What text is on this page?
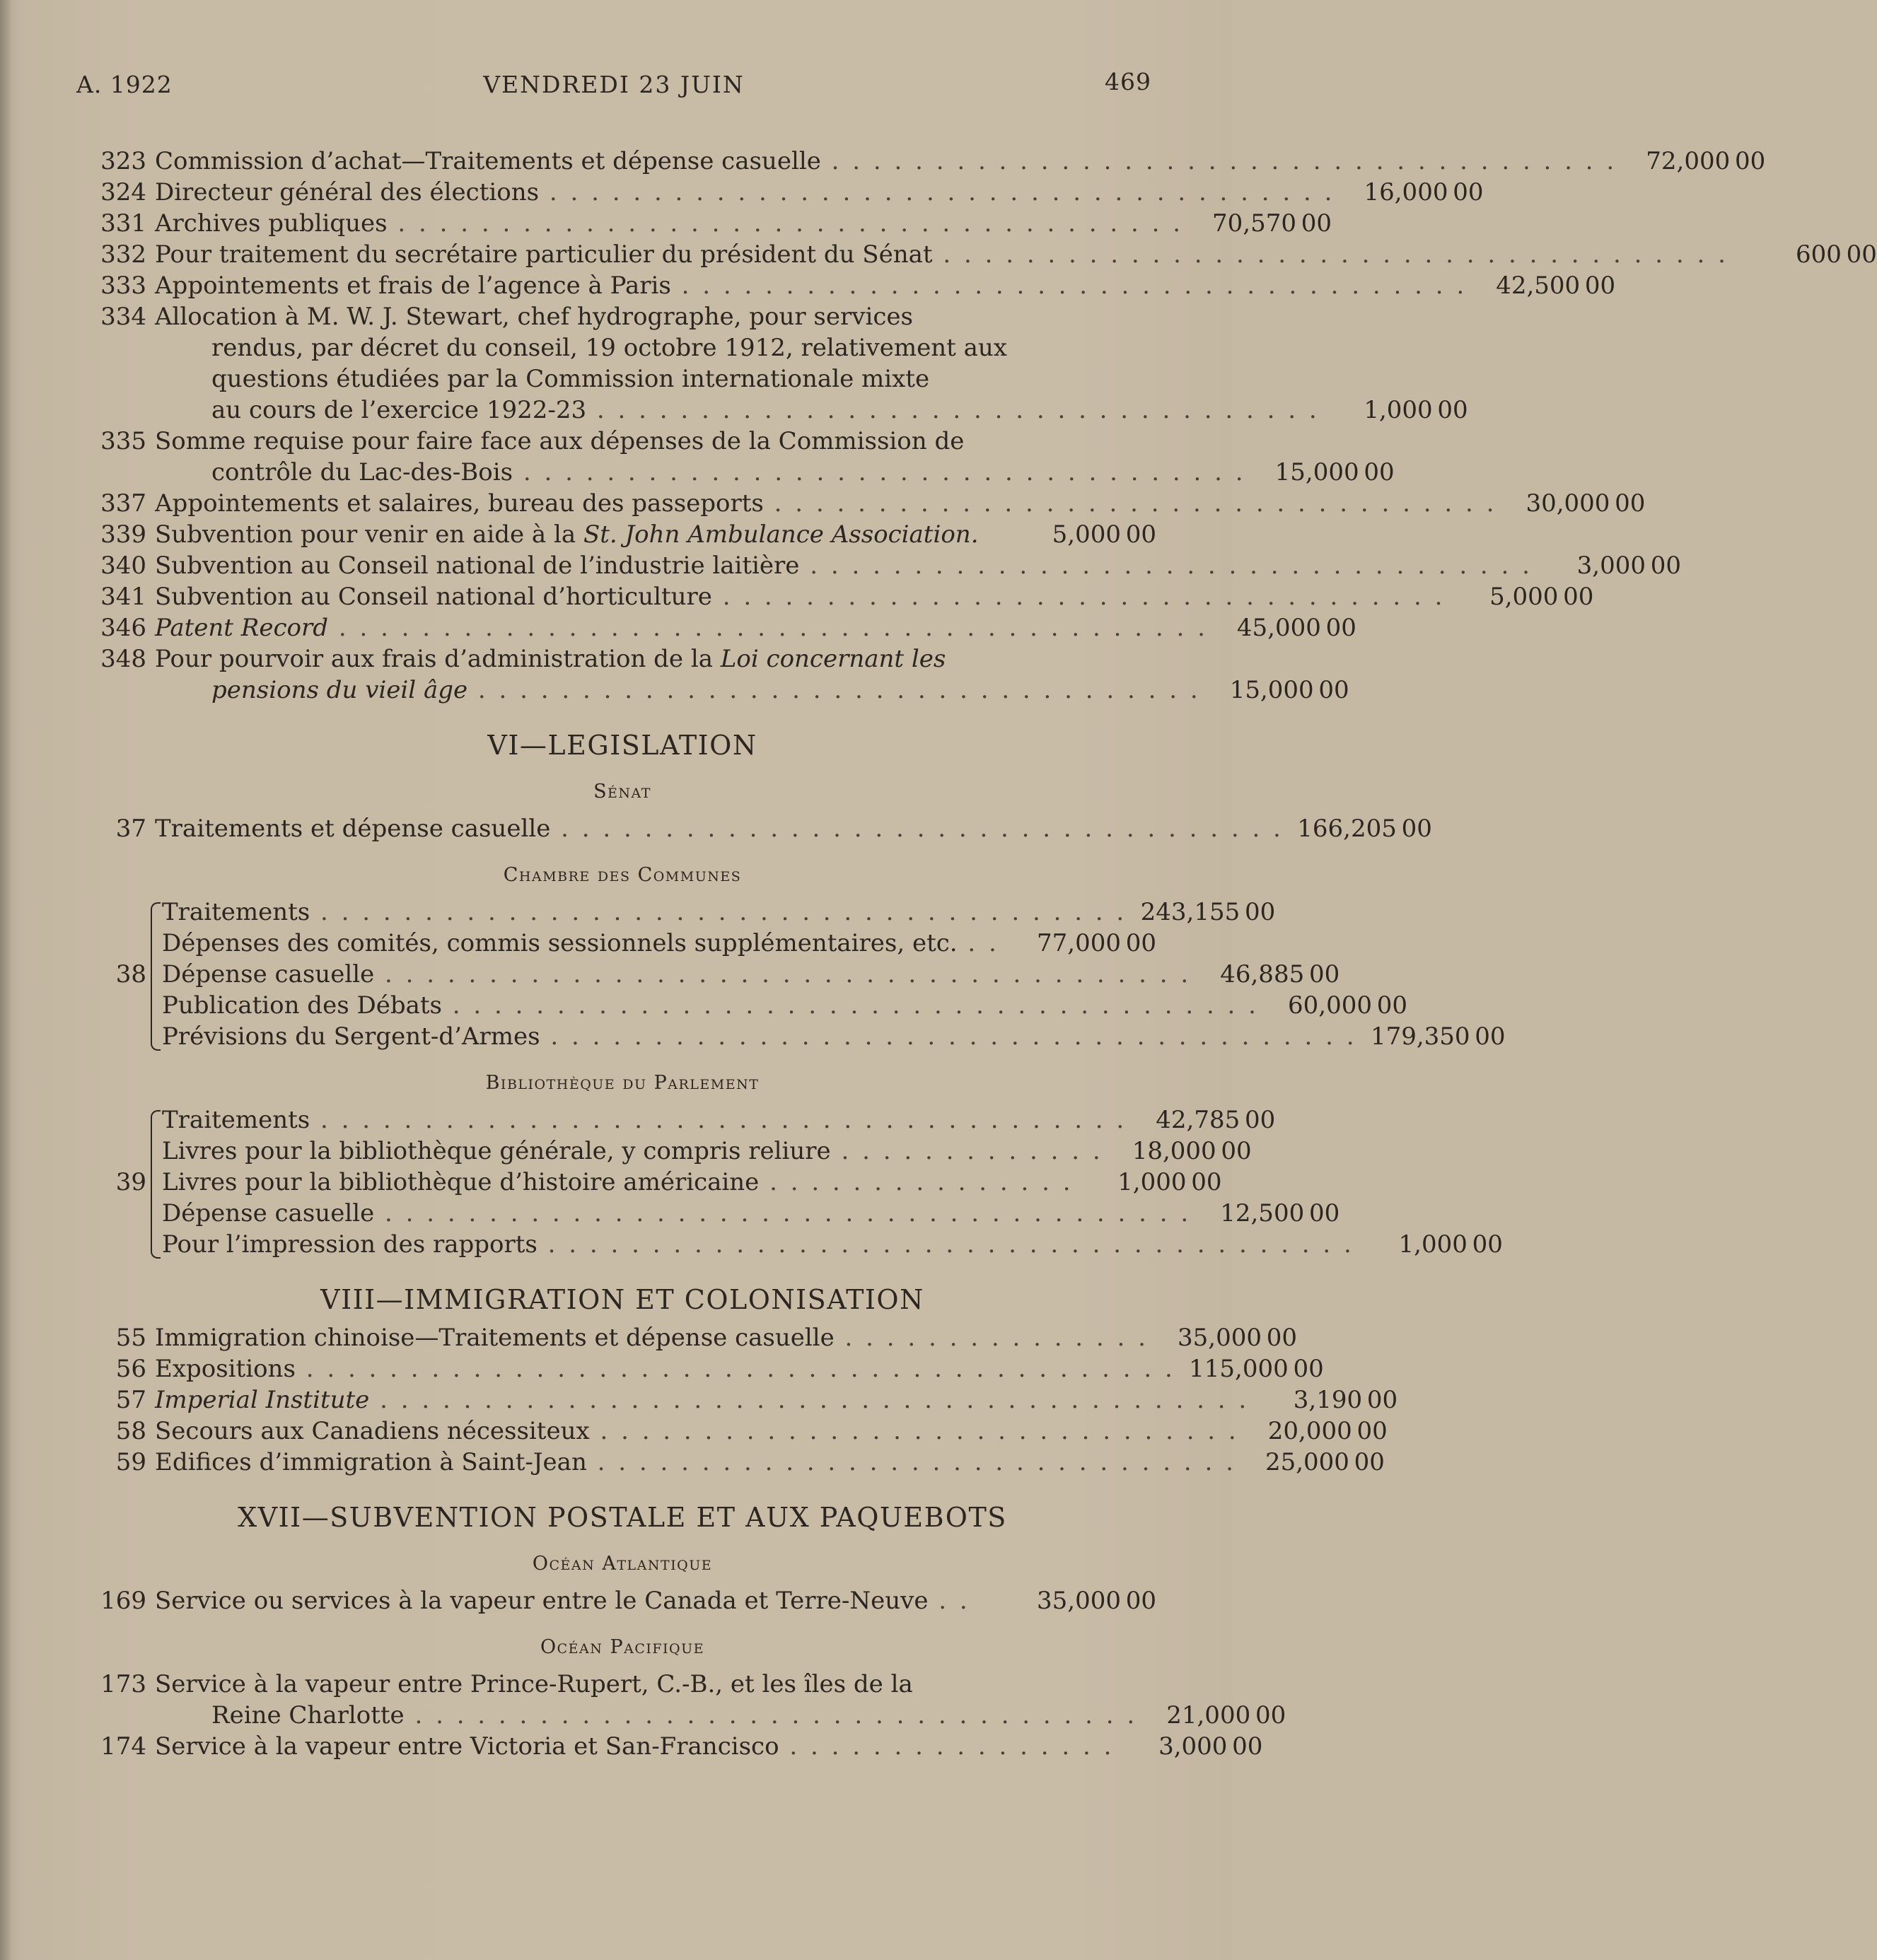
A. 1922	VENDREDI 23 JUIN	469
323 Commission d’achat—Traitements et dépense casuelle . . . . . . . . . . . . . . . . . . . . . . . . . . . . . . . . . . . . . .	72,000 00
324 Directeur général des élections . . . . . . . . . . . . . . . . . . . . . . . . . . . . . . . . . . . . . .	16,000 00
331 Archives publiques . . . . . . . . . . . . . . . . . . . . . . . . . . . . . . . . . . . . . .	70,570 00
332 Pour traitement du secrétaire particulier du président du Sénat . . . . . . . . . . . . . . . . . . . . . . . . . . . . . . . . . . . . . .	600 00
333 Appointements et frais de l’agence à Paris . . . . . . . . . . . . . . . . . . . . . . . . . . . . . . . . . . . . . .	42,500 00
334 Allocation à M. W. J. Stewart, chef hydrographe, pour services
rendus, par décret du conseil, 19 octobre 1912, relativement aux
questions étudiées par la Commission internationale mixte
au cours de l’exercice 1922-23 . . . . . . . . . . . . . . . . . . . . . . . . . . . . . . . . . . .	1,000 00
335 Somme requise pour faire face aux dépenses de la Commission de
contrôle du Lac-des-Bois . . . . . . . . . . . . . . . . . . . . . . . . . . . . . . . . . . .	15,000 00
337 Appointements et salaires, bureau des passeports . . . . . . . . . . . . . . . . . . . . . . . . . . . . . . . . . . .	30,000 00
339 Subvention pour venir en aide à la St. John Ambulance Association.	5,000 00
340 Subvention au Conseil national de l’industrie laitière . . . . . . . . . . . . . . . . . . . . . . . . . . . . . . . . . . .	3,000 00
341 Subvention au Conseil national d’horticulture . . . . . . . . . . . . . . . . . . . . . . . . . . . . . . . . . . .	5,000 00
346 Patent Record . . . . . . . . . . . . . . . . . . . . . . . . . . . . . . . . . . . . . . . . . .	45,000 00
348 Pour pourvoir aux frais d’administration de la Loi concernant les
pensions du vieil âge . . . . . . . . . . . . . . . . . . . . . . . . . . . . . . . . . . .	15,000 00
VI—LEGISLATION
Sénat
37 Traitements et dépense casuelle . . . . . . . . . . . . . . . . . . . . . . . . . . . . . . . . . . . 166,205 00
Chambre des Communes
38
Traitements . . . . . . . . . . . . . . . . . . . . . . . . . . . . . . . . . . . . . . . 243,155 00
Dépenses des comités, commis sessionnels supplémentaires, etc. . .	77,000 00
Dépense casuelle . . . . . . . . . . . . . . . . . . . . . . . . . . . . . . . . . . . . . . .	46,885 00
Publication des Débats . . . . . . . . . . . . . . . . . . . . . . . . . . . . . . . . . . . . . . .	60,000 00
Prévisions du Sergent-d’Armes . . . . . . . . . . . . . . . . . . . . . . . . . . . . . . . . . . . . . . . 179,350 00
Bibliothèque du Parlement
39
Traitements . . . . . . . . . . . . . . . . . . . . . . . . . . . . . . . . . . . . . . .	42,785 00
Livres pour la bibliothèque générale, y compris reliure . . . . . . . . . . . . .	18,000 00
Livres pour la bibliothèque d’histoire américaine . . . . . . . . . . . . . . .	1,000 00
Dépense casuelle . . . . . . . . . . . . . . . . . . . . . . . . . . . . . . . . . . . . . . .	12,500 00
Pour l’impression des rapports . . . . . . . . . . . . . . . . . . . . . . . . . . . . . . . . . . . . . . .	1,000 00
VIII—IMMIGRATION ET COLONISATION
55 Immigration chinoise—Traitements et dépense casuelle . . . . . . . . . . . . . . .	35,000 00
56 Expositions . . . . . . . . . . . . . . . . . . . . . . . . . . . . . . . . . . . . . . . . . . 115,000 00
57 Imperial Institute . . . . . . . . . . . . . . . . . . . . . . . . . . . . . . . . . . . . . . . . . .	3,190 00
58 Secours aux Canadiens nécessiteux . . . . . . . . . . . . . . . . . . . . . . . . . . . . . . .	20,000 00
59 Edifices d’immigration à Saint-Jean . . . . . . . . . . . . . . . . . . . . . . . . . . . . . . .	25,000 00
XVII—SUBVENTION POSTALE ET AUX PAQUEBOTS
Océan Atlantique
169 Service ou services à la vapeur entre le Canada et Terre-Neuve . .	35,000 00
Océan Pacifique
173 Service à la vapeur entre Prince-Rupert, C.-B., et les îles de la
Reine Charlotte . . . . . . . . . . . . . . . . . . . . . . . . . . . . . . . . . . .	21,000 00
174 Service à la vapeur entre Victoria et San-Francisco . . . . . . . . . . . . . . . .	3,000 00
